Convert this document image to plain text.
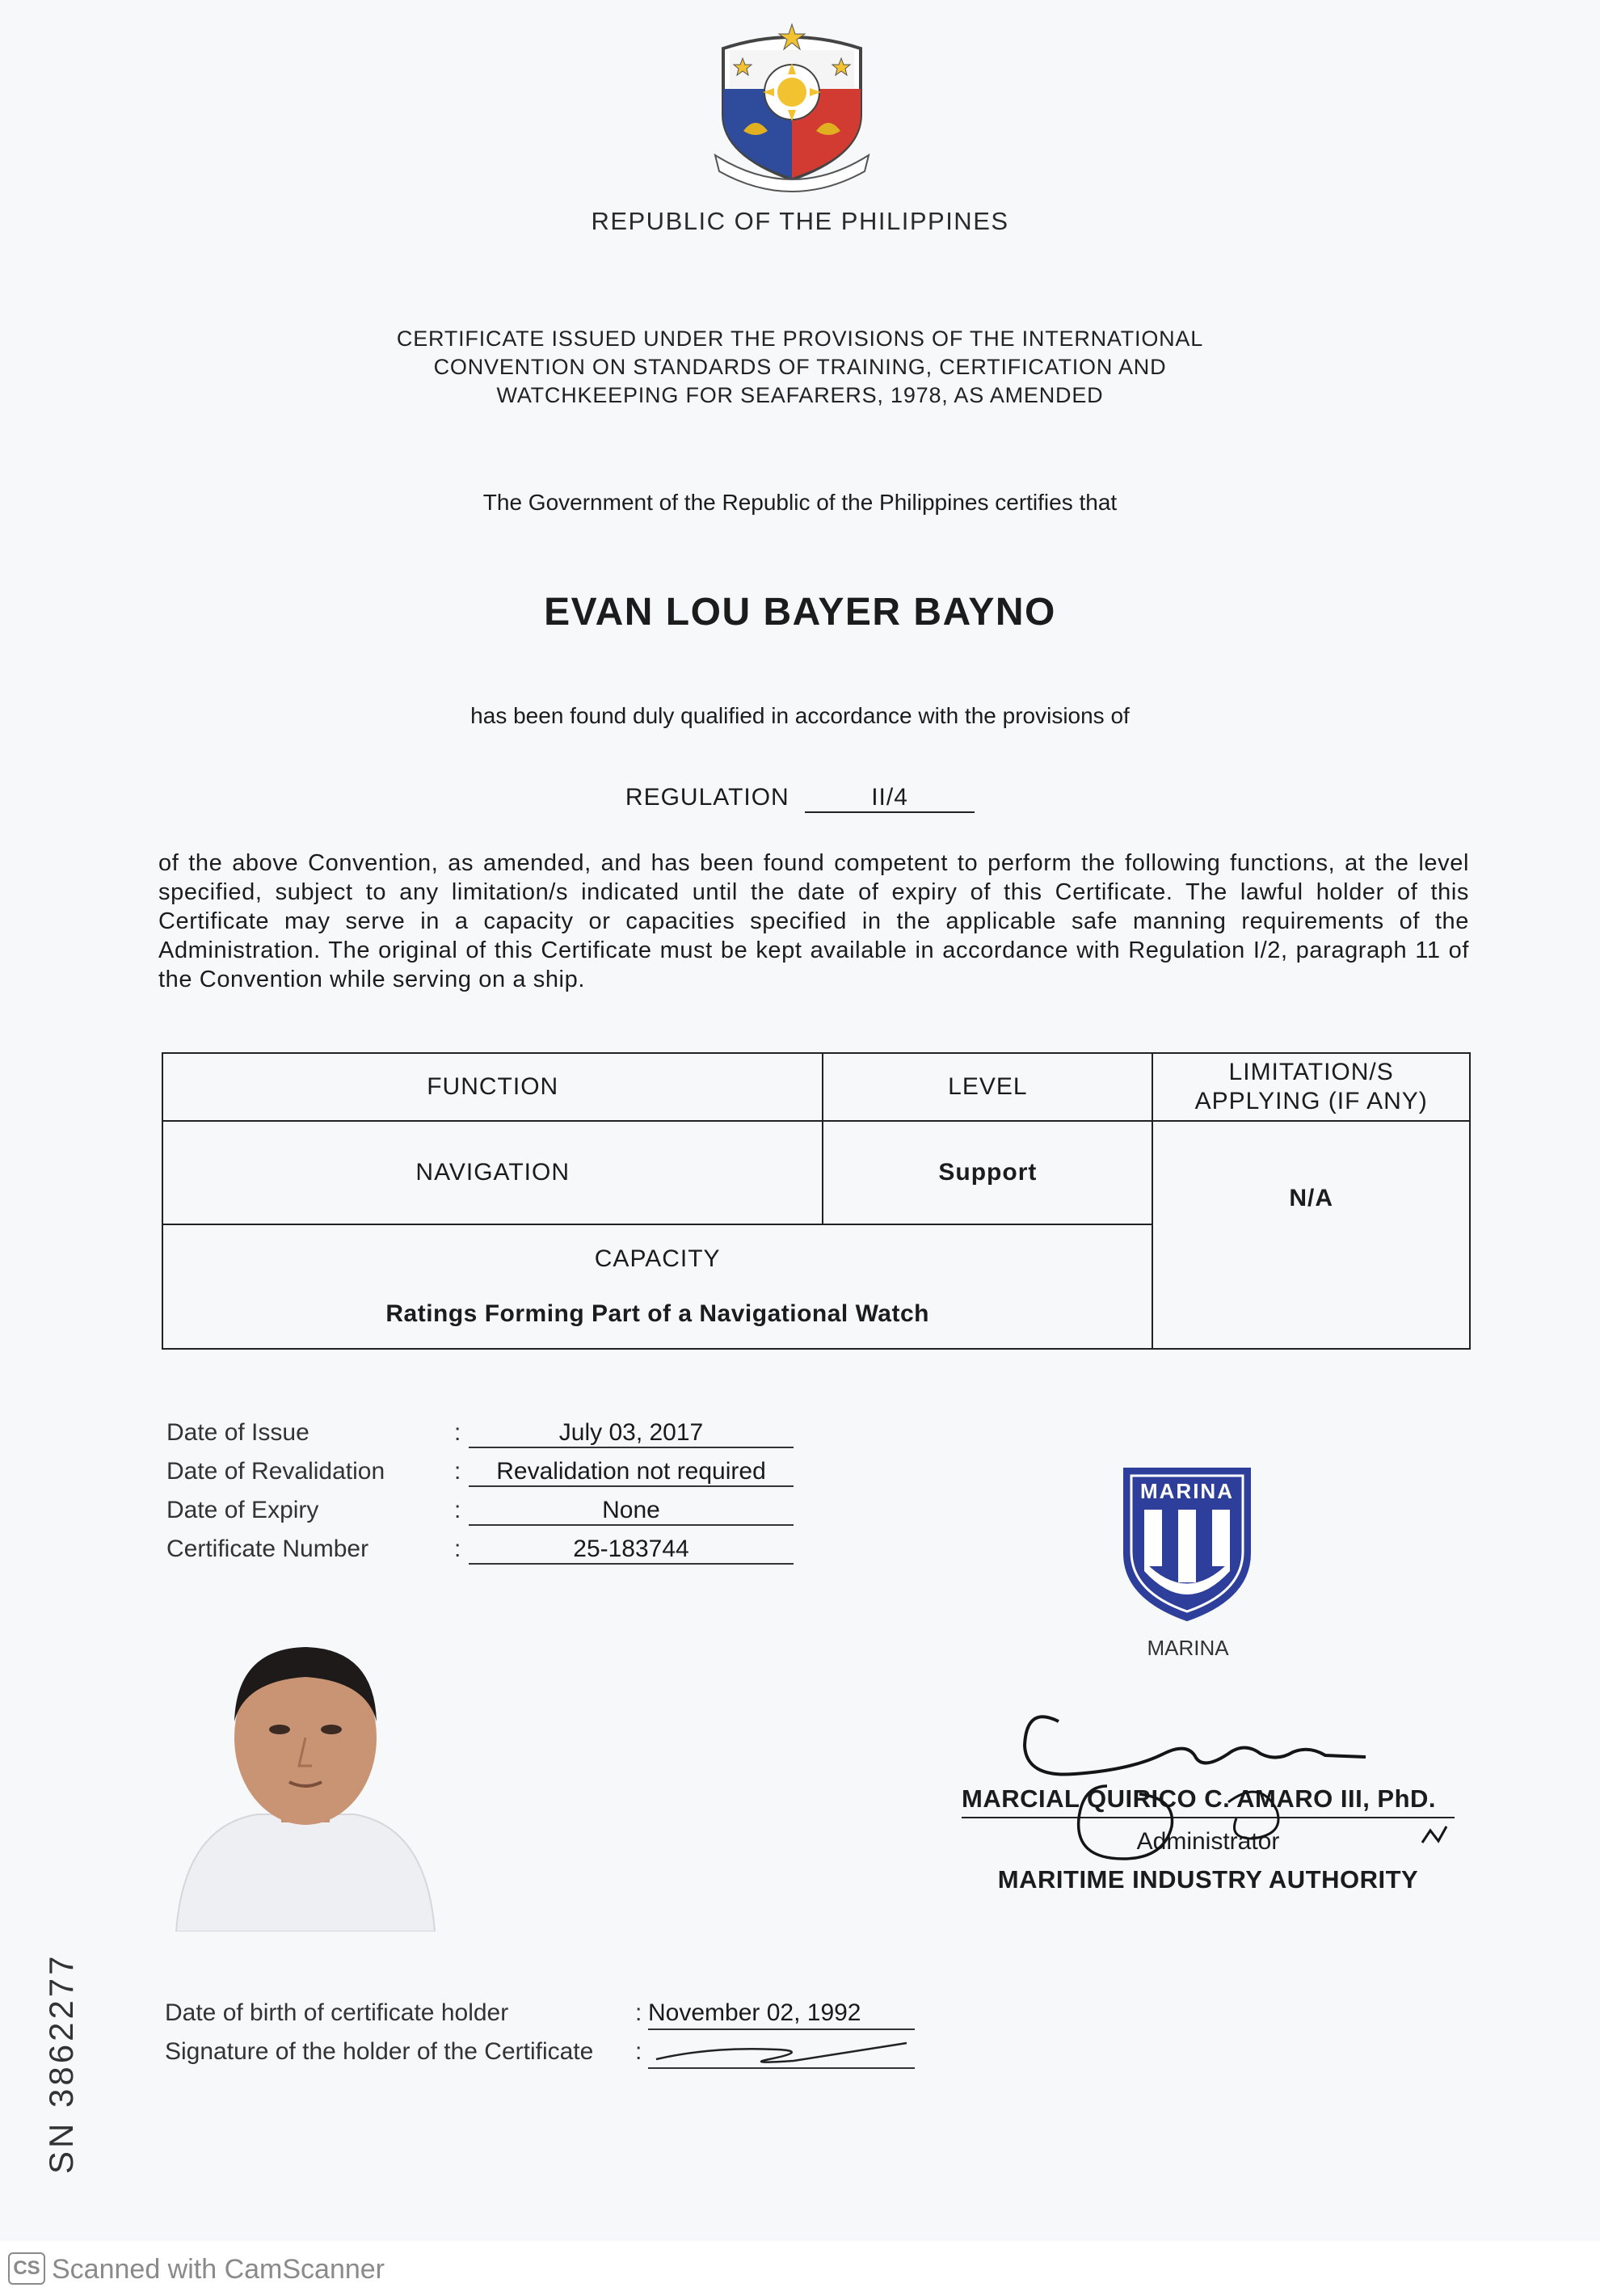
REPUBLIC OF THE PHILIPPINES
CERTIFICATE ISSUED UNDER THE PROVISIONS OF THE INTERNATIONAL
CONVENTION ON STANDARDS OF TRAINING, CERTIFICATION AND
WATCHKEEPING FOR SEAFARERS, 1978, AS AMENDED
The Government of the Republic of the Philippines certifies that
EVAN LOU BAYER BAYNO
has been found duly qualified in accordance with the provisions of
REGULATION	II/4
of the above Convention, as amended, and has been found competent to perform the following functions, at the level specified, subject to any limitation/s indicated until the date of expiry of this Certificate. The lawful holder of this Certificate may serve in a capacity or capacities specified in the applicable safe manning requirements of the Administration. The original of this Certificate must be kept available in accordance with Regulation I/2, paragraph 11 of the Convention while serving on a ship.
FUNCTION	LEVEL	LIMITATION/S
APPLYING (IF ANY)

NAVIGATION	Support	N/A

CAPACITY
Ratings Forming Part of a Navigational Watch		
Date of Issue	:	July 03, 2017
Date of Revalidation	:	Revalidation not required
Date of Expiry	:	None
Certificate Number	:	25-183744
MARINA
MARINA
MARCIAL QUIRICO C. AMARO III, PhD.
Administrator
MARITIME INDUSTRY AUTHORITY
SN 3862277	Date of birth of certificate holder	: November 02, 1992
Signature of the holder of the Certificate :
CS Scanned with CamScanner
